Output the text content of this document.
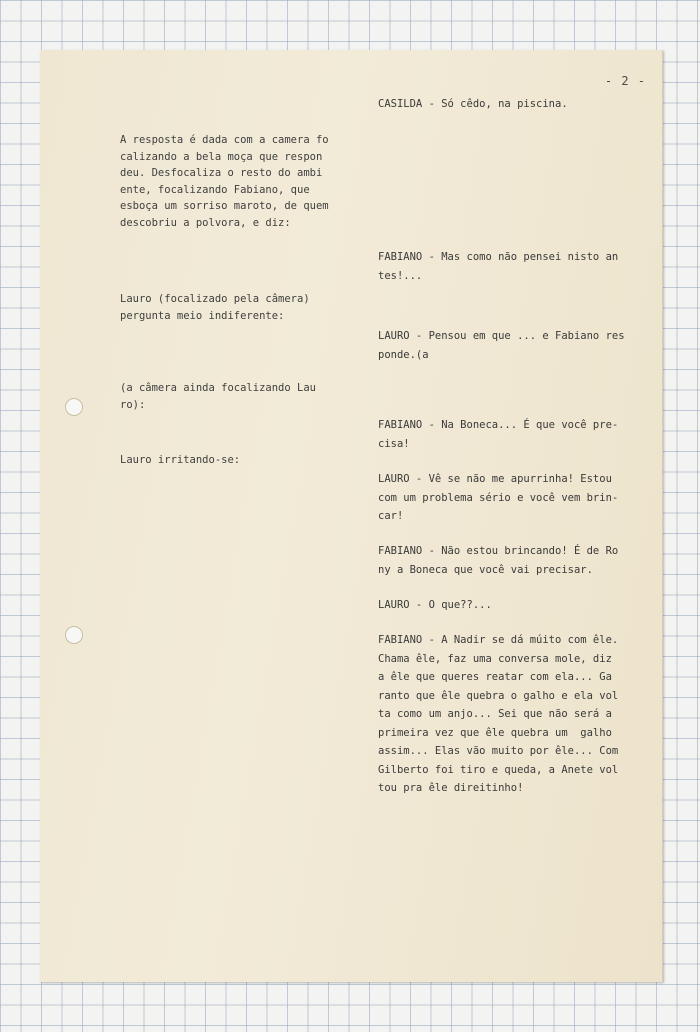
- 2 -

A resposta é dada com a camera fo
calizando a bela moça que respon
deu. Desfocaliza o resto do ambi
ente, focalizando Fabiano, que
esboça um sorriso maroto, de quem
descobriu a polvora, e diz:

Lauro (focalizado pela câmera)
pergunta meio indiferente:

(a câmera ainda focalizando Lau
ro):

Lauro irritando-se:

CASILDA - Só cêdo, na piscina.

FABIANO - Mas como não pensei nisto an
tes!...

LAURO - Pensou em que ... e Fabiano res
ponde.(a

FABIANO - Na Boneca... É que você pre-
cisa!

LAURO - Vê se não me apurrinha! Estou
com um problema sério e você vem brin-
car!

FABIANO - Não estou brincando! É de Ro
ny a Boneca que você vai precisar.

LAURO - O que??...

FABIANO - A Nadir se dá múito com êle.
Chama êle, faz uma conversa mole, diz
a êle que queres reatar com ela... Ga
ranto que êle quebra o galho e ela vol
ta como um anjo... Sei que não será a
primeira vez que êle quebra um  galho
assim... Elas vão muito por êle... Com
Gilberto foi tiro e queda, a Anete vol
tou pra êle direitinho!
